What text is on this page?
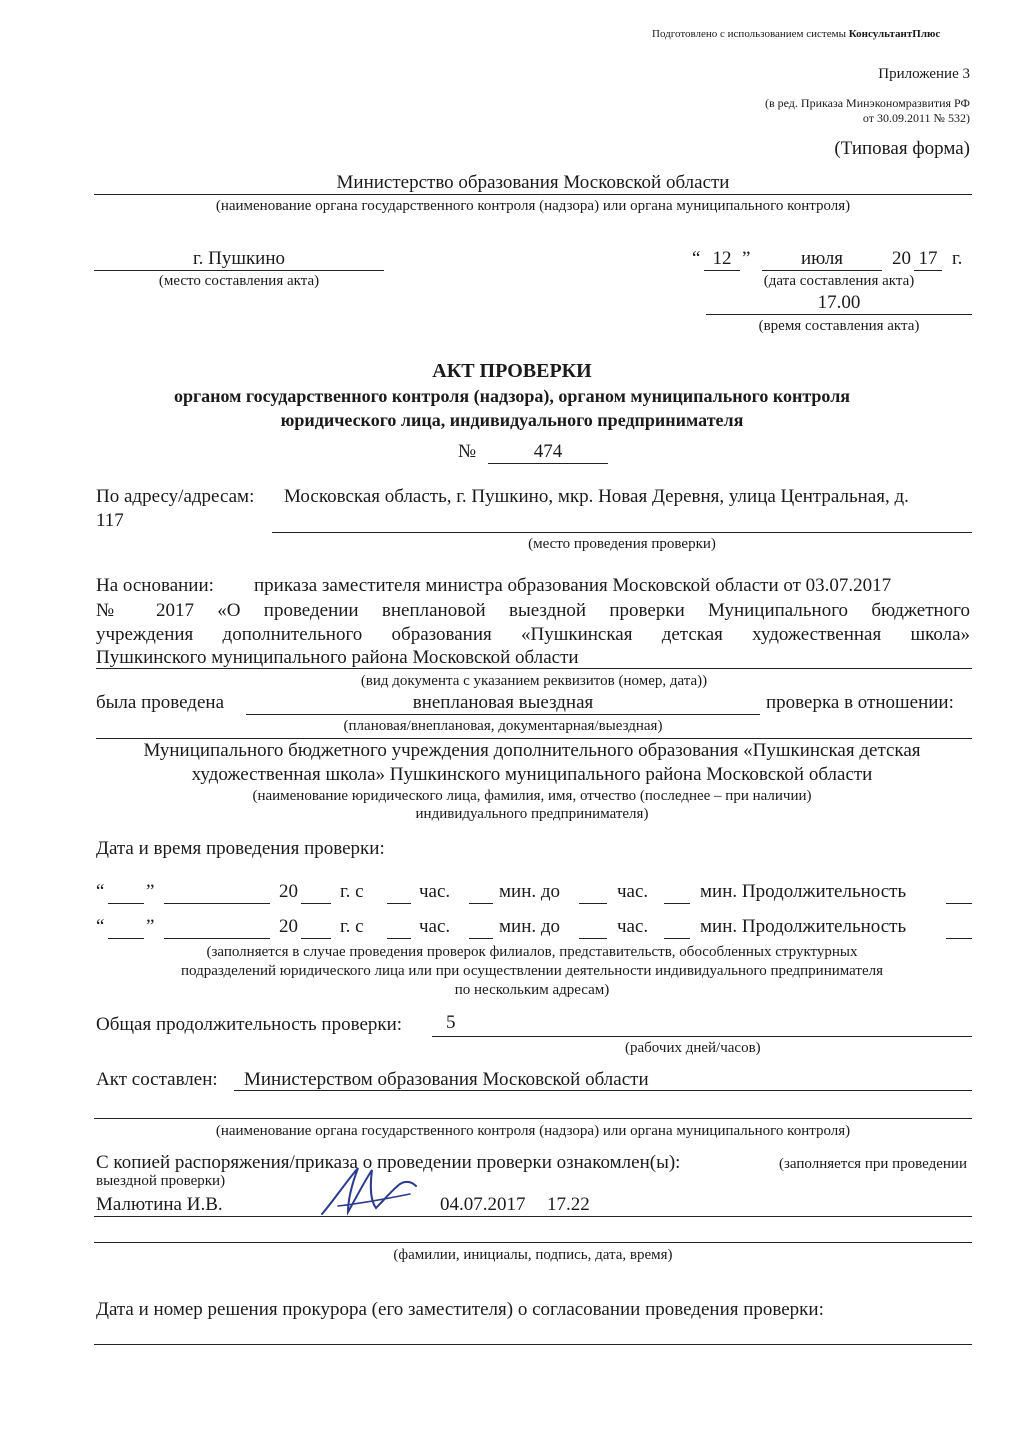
Подготовлено с использованием системы КонсультантПлюс
Приложение 3
(в ред. Приказа Минэкономразвития РФ
от 30.09.2011 № 532)
(Типовая форма)
Министерство образования Московской области
(наименование органа государственного контроля (надзора) или органа муниципального контроля)
г. Пушкино
(место составления акта)
“ 12 ”	июля	20 17 г.
(дата составления акта)
17.00
(время составления акта)
АКТ ПРОВЕРКИ
органом государственного контроля (надзора), органом муниципального контроля
юридического лица, индивидуального предпринимателя
№	474
По адресу/адресам: Московская область, г. Пушкино, мкр. Новая Деревня, улица Центральная, д.
117
(место проведения проверки)
На основании: приказа заместителя министра образования Московской области от 03.07.2017
№ 2017 «О проведении внеплановой выездной проверки Муниципального бюджетного
учреждения дополнительного образования «Пушкинская детская художественная школа»
Пушкинского муниципального района Московской области
(вид документа с указанием реквизитов (номер, дата))
была проведена	внеплановая выездная	проверка в отношении:
(плановая/внеплановая, документарная/выездная)
Муниципального бюджетного учреждения дополнительного образования «Пушкинская детская
художественная школа» Пушкинского муниципального района Московской области
(наименование юридического лица, фамилия, имя, отчество (последнее – при наличии)
индивидуального предпринимателя)
Дата и время проведения проверки:
“ ”	20 г. с	час.	мин. до	час.	мин. Продолжительность
“ ”	20 г. с	час.	мин. до	час.	мин. Продолжительность
(заполняется в случае проведения проверок филиалов, представительств, обособленных структурных
подразделений юридического лица или при осуществлении деятельности индивидуального предпринимателя
по нескольким адресам)
Общая продолжительность проверки: 5
(рабочих дней/часов)
Акт составлен: Министерством образования Московской области
(наименование органа государственного контроля (надзора) или органа муниципального контроля)
С копией распоряжения/приказа о проведении проверки ознакомлен(ы):	(заполняется при проведении
выездной проверки)
Малютина И.В.	04.07.2017 17.22
(фамилии, инициалы, подпись, дата, время)
Дата и номер решения прокурора (его заместителя) о согласовании проведения проверки:
